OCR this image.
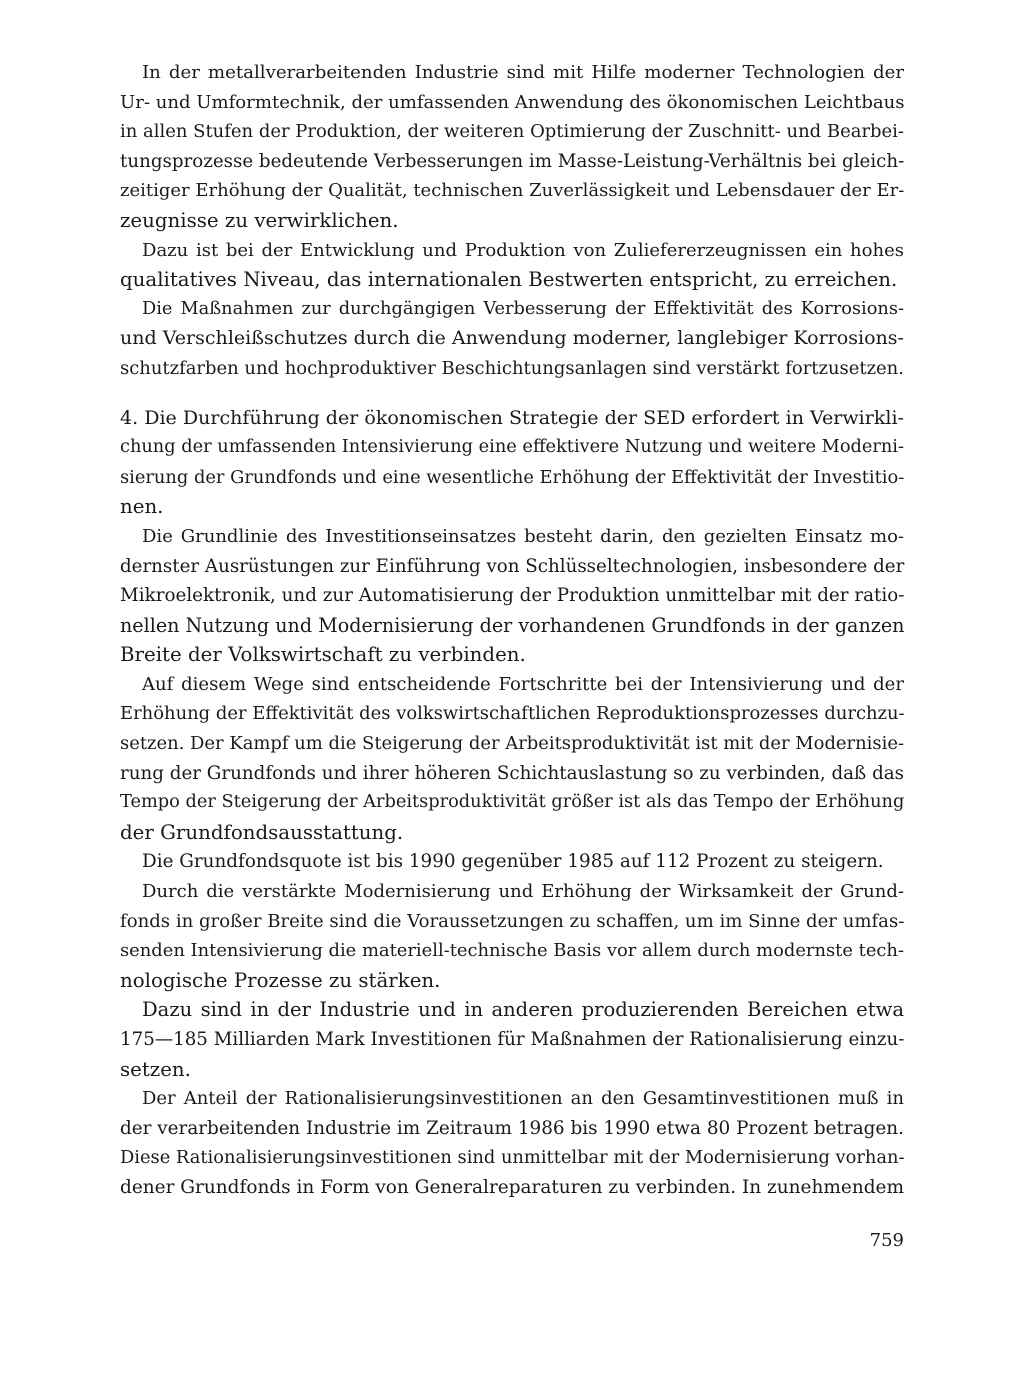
In der metallverarbeitenden Industrie sind mit Hilfe moderner Technologien der
Ur- und Umformtechnik, der umfassenden Anwendung des ökonomischen Leichtbaus
in allen Stufen der Produktion, der weiteren Optimierung der Zuschnitt- und Bearbei-
tungsprozesse bedeutende Verbesserungen im Masse-Leistung-Verhältnis bei gleich-
zeitiger Erhöhung der Qualität, technischen Zuverlässigkeit und Lebensdauer der Er-
zeugnisse zu verwirklichen.
Dazu ist bei der Entwicklung und Produktion von Zuliefererzeugnissen ein hohes
qualitatives Niveau, das internationalen Bestwerten entspricht, zu erreichen.
Die Maßnahmen zur durchgängigen Verbesserung der Effektivität des Korrosions-
und Verschleißschutzes durch die Anwendung moderner, langlebiger Korrosions-
schutzfarben und hochproduktiver Beschichtungsanlagen sind verstärkt fortzusetzen.
4. Die Durchführung der ökonomischen Strategie der SED erfordert in Verwirkli-
chung der umfassenden Intensivierung eine effektivere Nutzung und weitere Moderni-
sierung der Grundfonds und eine wesentliche Erhöhung der Effektivität der Investitio-
nen.
Die Grundlinie des Investitionseinsatzes besteht darin, den gezielten Einsatz mo-
dernster Ausrüstungen zur Einführung von Schlüsseltechnologien, insbesondere der
Mikroelektronik, und zur Automatisierung der Produktion unmittelbar mit der ratio-
nellen Nutzung und Modernisierung der vorhandenen Grundfonds in der ganzen
Breite der Volkswirtschaft zu verbinden.
Auf diesem Wege sind entscheidende Fortschritte bei der Intensivierung und der
Erhöhung der Effektivität des volkswirtschaftlichen Reproduktionsprozesses durchzu-
setzen. Der Kampf um die Steigerung der Arbeitsproduktivität ist mit der Modernisie-
rung der Grundfonds und ihrer höheren Schichtauslastung so zu verbinden, daß das
Tempo der Steigerung der Arbeitsproduktivität größer ist als das Tempo der Erhöhung
der Grundfondsausstattung.
Die Grundfondsquote ist bis 1990 gegenüber 1985 auf 112 Prozent zu steigern.
Durch die verstärkte Modernisierung und Erhöhung der Wirksamkeit der Grund-
fonds in großer Breite sind die Voraussetzungen zu schaffen, um im Sinne der umfas-
senden Intensivierung die materiell-technische Basis vor allem durch modernste tech-
nologische Prozesse zu stärken.
Dazu sind in der Industrie und in anderen produzierenden Bereichen etwa
175—185 Milliarden Mark Investitionen für Maßnahmen der Rationalisierung einzu-
setzen.
Der Anteil der Rationalisierungsinvestitionen an den Gesamtinvestitionen muß in
der verarbeitenden Industrie im Zeitraum 1986 bis 1990 etwa 80 Prozent betragen.
Diese Rationalisierungsinvestitionen sind unmittelbar mit der Modernisierung vorhan-
dener Grundfonds in Form von Generalreparaturen zu verbinden. In zunehmendem
759
